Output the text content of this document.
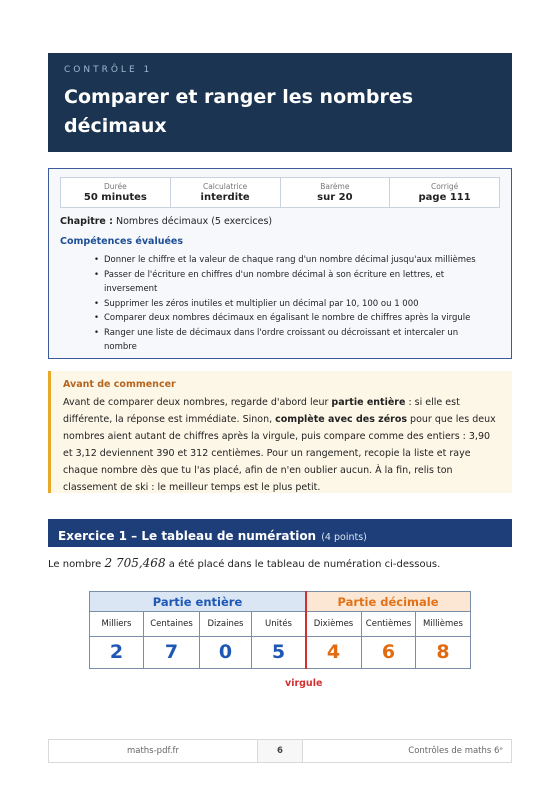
CONTRÔLE 1
Comparer et ranger les nombres
décimaux
Durée
50 minutes
Calculatrice
interdite
Barème
sur 20
Corrigé
page 111
Chapitre : Nombres décimaux (5 exercices)
Compétences évaluées
• Donner le chiffre et la valeur de chaque rang d'un nombre décimal jusqu'aux millièmes
• Passer de l'écriture en chiffres d'un nombre décimal à son écriture en lettres, et
inversement
• Supprimer les zéros inutiles et multiplier un décimal par 10, 100 ou 1 000
• Comparer deux nombres décimaux en égalisant le nombre de chiffres après la virgule
• Ranger une liste de décimaux dans l'ordre croissant ou décroissant et intercaler un
nombre
Avant de commencer
Avant de comparer deux nombres, regarde d'abord leur partie entière : si elle est différente, la réponse est immédiate. Sinon, complète avec des zéros pour que les deux nombres aient autant de chiffres après la virgule, puis compare comme des entiers : 3,90 et 3,12 deviennent 390 et 312 centièmes. Pour un rangement, recopie la liste et raye chaque nombre dès que tu l'as placé, afin de n'en oublier aucun. À la fin, relis ton classement de ski : le meilleur temps est le plus petit.
Exercice 1 – Le tableau de numération (4 points)
Le nombre 2 705,468 a été placé dans le tableau de numération ci-dessous.
Partie entière	Partie décimale
Milliers	Centaines	Dizaines	Unités	Dixièmes	Centièmes	Millièmes
2	7	0	5	4	6	8
virgule
maths-pdf.fr	6	Contrôles de maths 6ᵉ
